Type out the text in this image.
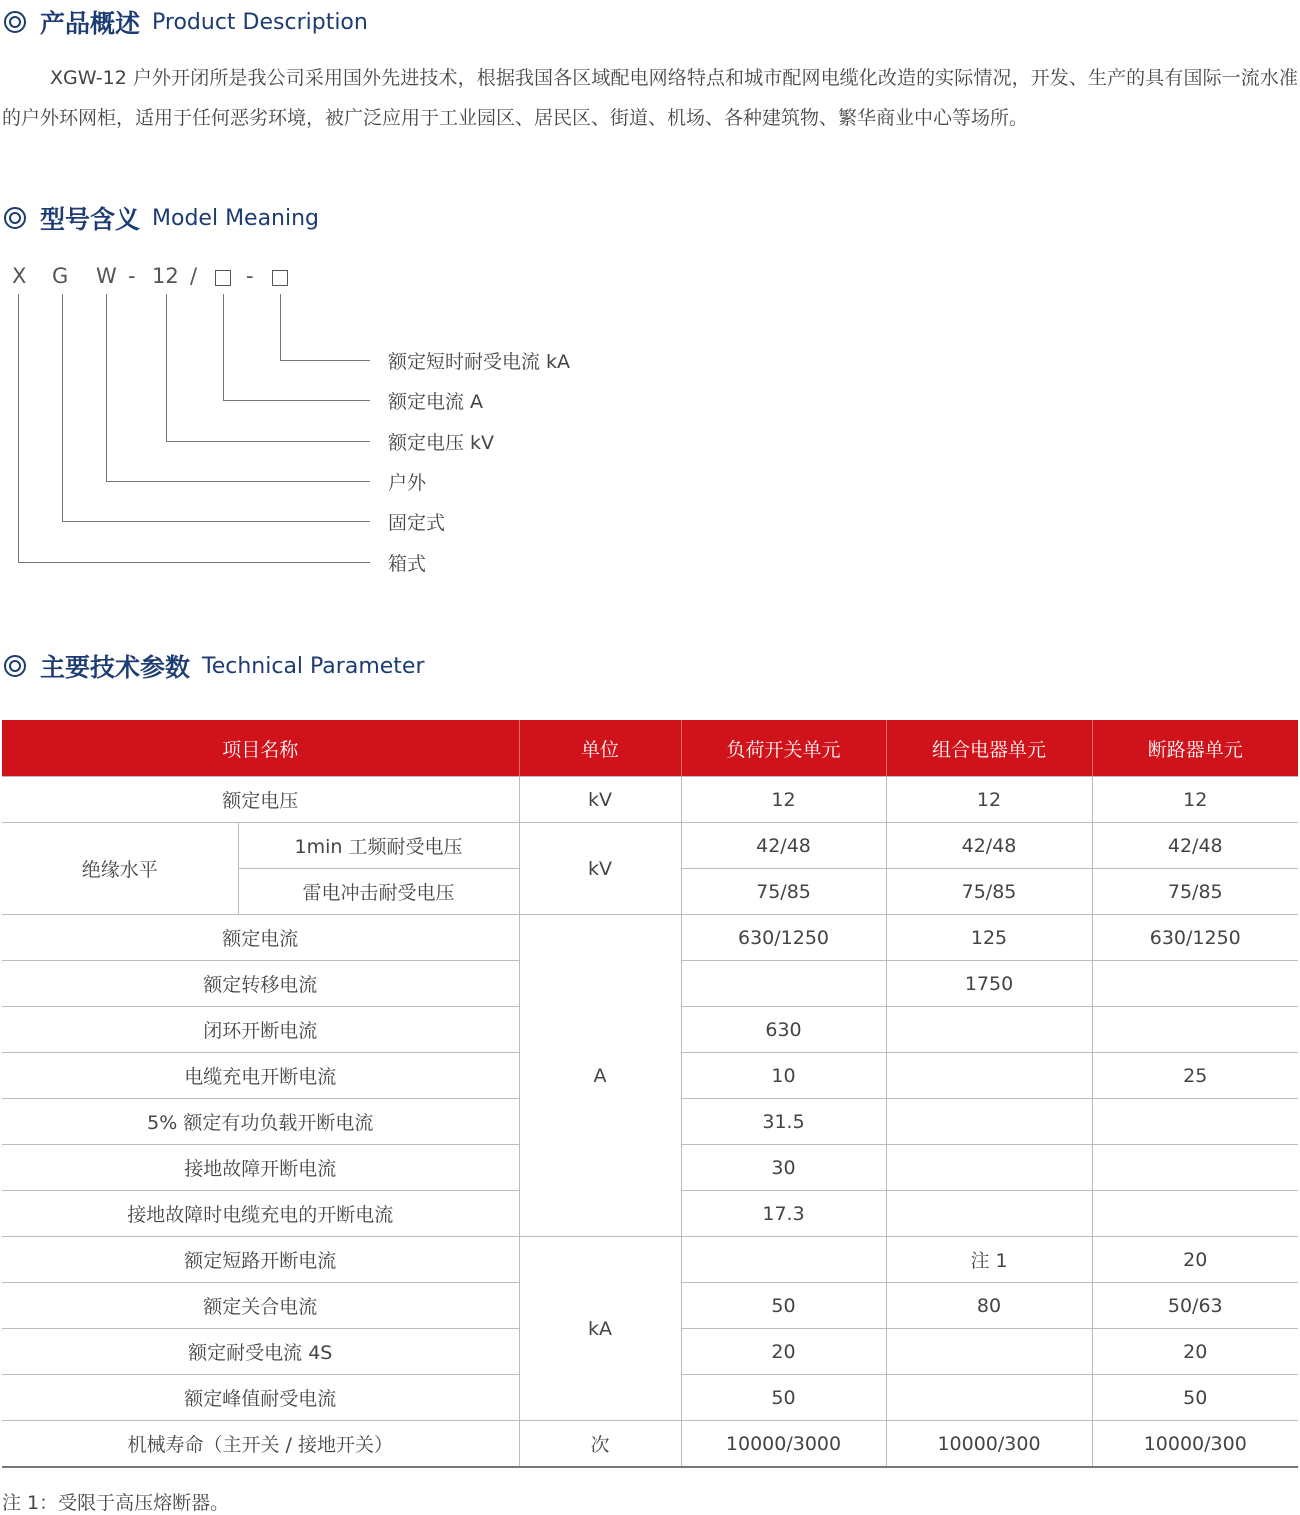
产品概述 Product Description

XGW-12 户外开闭所是我公司采用国外先进技术，根据我国各区域配电网络特点和城市配网电缆化改造的实际情况，开发、生产的具有国际一流水准的户外环网柜，适用于任何恶劣环境，被广泛应用于工业园区、居民区、街道、机场、各种建筑物、繁华商业中心等场所。

型号含义 Model Meaning
X G W - 12 / -
额定短时耐受电流 kA
额定电流 A
额定电压 kV
户外
固定式
箱式
主要技术参数 Technical Parameter
项目名称		单位	负荷开关单元	组合电器单元	断路器单元
额定电压		kV	12	12	12
绝缘水平	1min 工频耐受电压	kV	42/48	42/48	42/48
	雷电冲击耐受电压		75/85	75/85	75/85
额定电流		A	630/1250	125	630/1250
额定转移电流				1750	
闭环开断电流			630		
电缆充电开断电流			10		25
5% 额定有功负载开断电流			31.5		
接地故障开断电流			30		
接地故障时电缆充电的开断电流			17.3		
额定短路开断电流		kA		注 1	20
额定关合电流			50	80	50/63
额定耐受电流 4S			20		20
额定峰值耐受电流			50		50
机械寿命（主开关 / 接地开关）		次	10000/3000	10000/300	10000/300
注 1：受限于高压熔断器。
